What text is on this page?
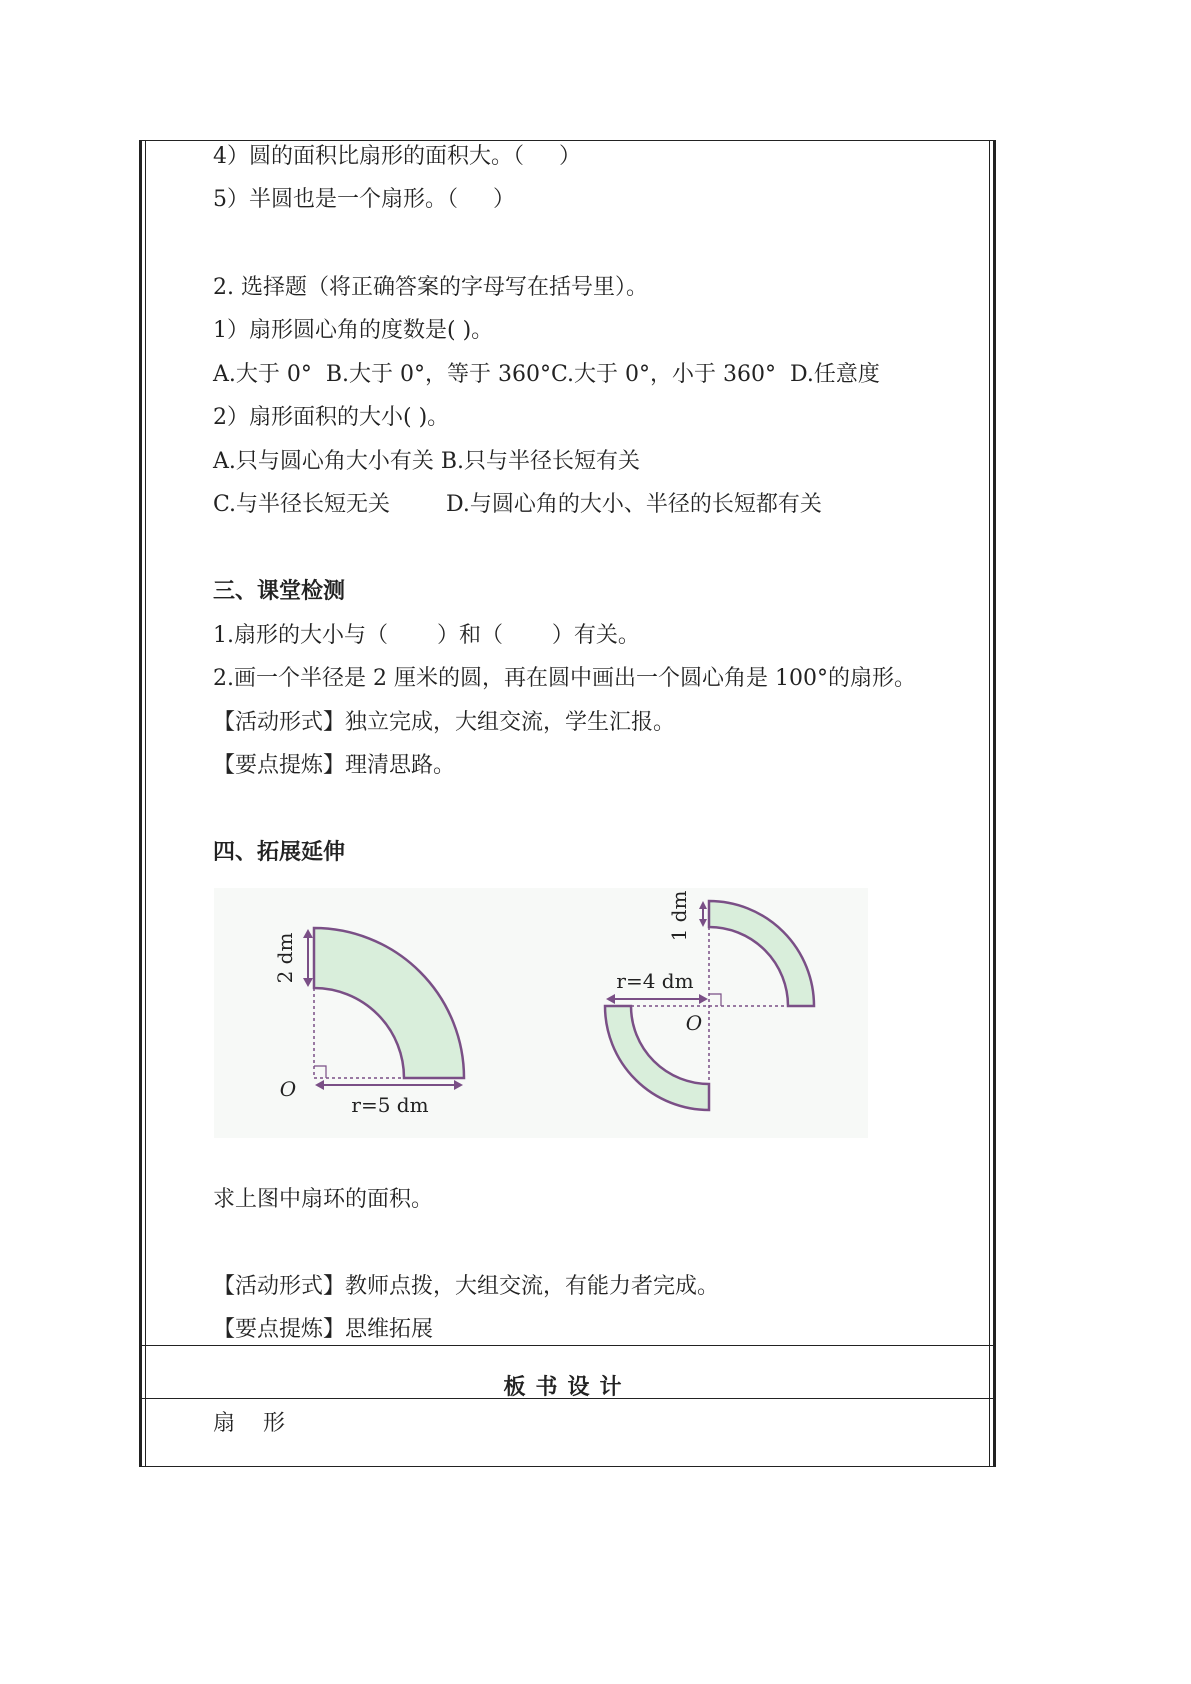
4）圆的面积比扇形的面积大。（     ）
5）半圆也是一个扇形。（     ）
2. 选择题（将正确答案的字母写在括号里）。
1）扇形圆心角的度数是( )。
A.大于 0°  B.大于 0°，等于 360°C.大于 0°，小于 360°  D.任意度
2）扇形面积的大小( )。
A.只与圆心角大小有关 B.只与半径长短有关
C.与半径长短无关        D.与圆心角的大小、半径的长短都有关
三、课堂检测
1.扇形的大小与（       ）和（       ）有关。
2.画一个半径是 2 厘米的圆，再在圆中画出一个圆心角是 100°的扇形。
【活动形式】独立完成，大组交流，学生汇报。
【要点提炼】理清思路。
四、拓展延伸
2 dm
r=5 dm
O
1 dm
r=4 dm
O
求上图中扇环的面积。
【活动形式】教师点拨，大组交流，有能力者完成。
【要点提炼】思维拓展
板书设计
扇    形
